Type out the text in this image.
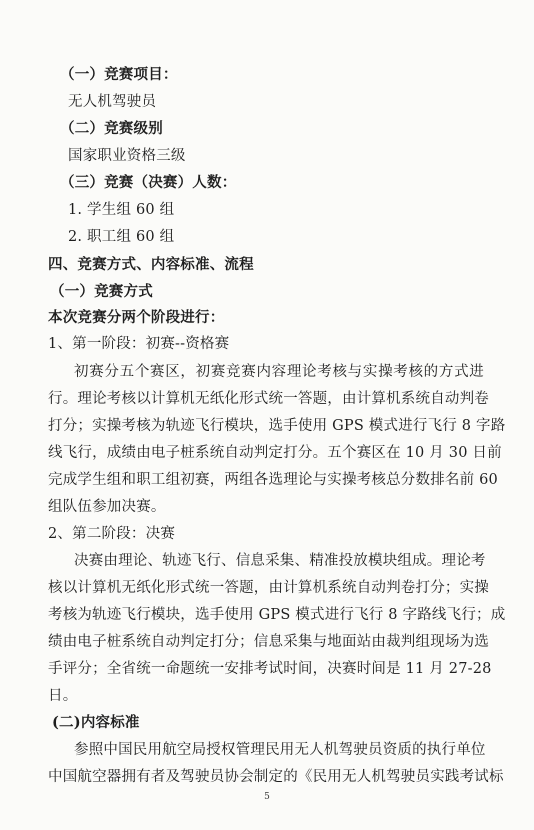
（一）竞赛项目：
无人机驾驶员
（二）竞赛级别
国家职业资格三级
（三）竞赛（决赛）人数：
1. 学生组 60 组
2. 职工组 60 组
四、竞赛方式、内容标准、流程
（一）竞赛方式
本次竞赛分两个阶段进行：
1、第一阶段：初赛--资格赛
初赛分五个赛区，初赛竞赛内容理论考核与实操考核的方式进
行。理论考核以计算机无纸化形式统一答题，由计算机系统自动判卷
打分；实操考核为轨迹飞行模块，选手使用 GPS 模式进行飞行 8 字路
线飞行，成绩由电子桩系统自动判定打分。五个赛区在 10 月 30 日前
完成学生组和职工组初赛，两组各选理论与实操考核总分数排名前 60
组队伍参加决赛。
2、第二阶段：决赛
决赛由理论、轨迹飞行、信息采集、精准投放模块组成。理论考
核以计算机无纸化形式统一答题，由计算机系统自动判卷打分；实操
考核为轨迹飞行模块，选手使用 GPS 模式进行飞行 8 字路线飞行；成
绩由电子桩系统自动判定打分；信息采集与地面站由裁判组现场为选
手评分；全省统一命题统一安排考试时间，决赛时间是 11 月 27-28
日。
(二)内容标准
参照中国民用航空局授权管理民用无人机驾驶员资质的执行单位
中国航空器拥有者及驾驶员协会制定的《民用无人机驾驶员实践考试标
5
